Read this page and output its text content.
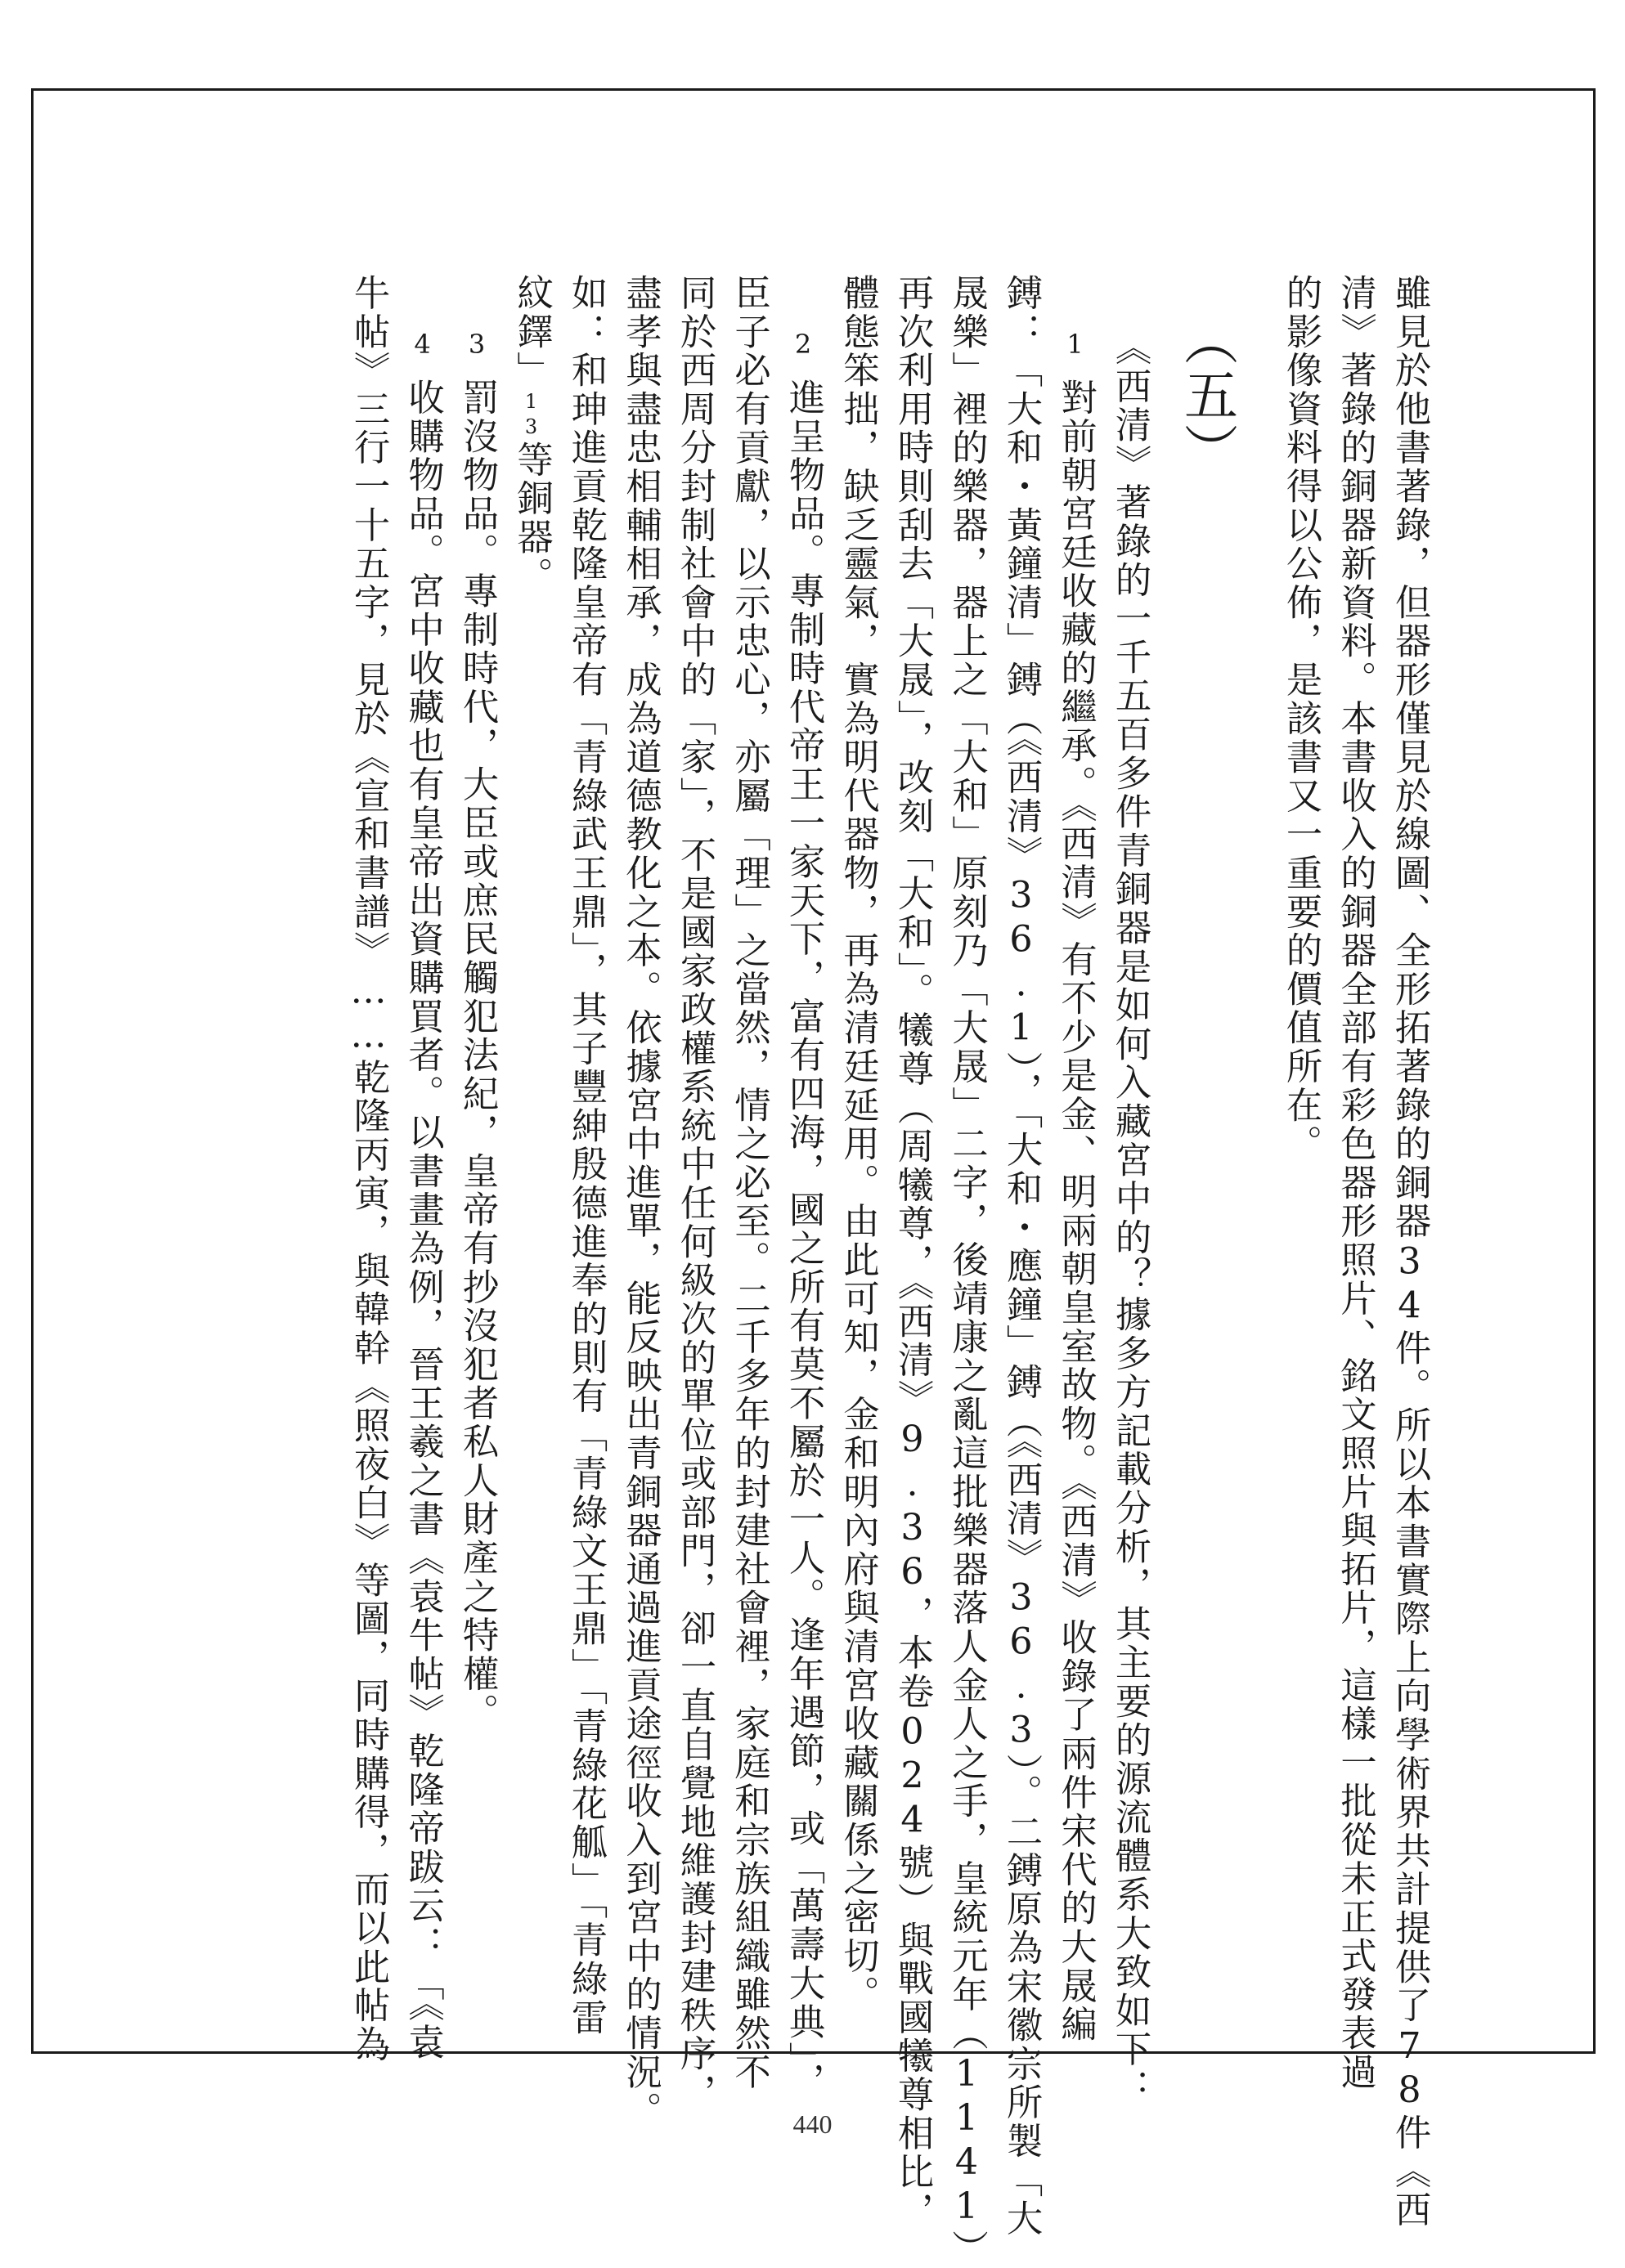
雖見於他書著錄，但器形僅見於線圖、全形拓著錄的銅器34件。所以本書實際上向學術界共計提供了78件《西
清》著錄的銅器新資料。本書收入的銅器全部有彩色器形照片、銘文照片與拓片，這樣一批從未正式發表過
的影像資料得以公佈，是該書又一重要的價值所在。
（五）
《西清》著錄的一千五百多件青銅器是如何入藏宮中的？據多方記載分析，其主要的源流體系大致如下：
1對前朝宮廷收藏的繼承。《西清》有不少是金、明兩朝皇室故物。《西清》收錄了兩件宋代的大晟編
鎛：「大和・黃鐘清」鎛（《西清》36.1），「大和・應鐘」鎛（《西清》36.3）。二鎛原為宋徽宗所製「大
晟樂」裡的樂器，器上之「大和」原刻乃「大晟」二字，後靖康之亂這批樂器落人金人之手，皇統元年（1141）
再次利用時則刮去「大晟」，改刻「大和」。犧尊（周犧尊，《西清》9.36，本卷024號）與戰國犧尊相比，
體態笨拙，缺乏靈氣，實為明代器物，再為清廷延用。由此可知，金和明內府與清宮收藏關係之密切。
2進呈物品。專制時代帝王一家天下，富有四海，國之所有莫不屬於一人。逢年遇節，或「萬壽大典」，
臣子必有貢獻，以示忠心，亦屬「理」之當然，情之必至。二千多年的封建社會裡，家庭和宗族組織雖然不
同於西周分封制社會中的「家」，不是國家政權系統中任何級次的單位或部門，卻一直自覺地維護封建秩序，
盡孝與盡忠相輔相承，成為道德教化之本。依據宮中進單，能反映出青銅器通過進貢途徑收入到宮中的情況。
如：和珅進貢乾隆皇帝有「青綠武王鼎」，其子豐紳殷德進奉的則有「青綠文王鼎」「青綠花觚」「青綠雷
紋鐸」13等銅器。
3罰沒物品。專制時代，大臣或庶民觸犯法紀，皇帝有抄沒犯者私人財產之特權。
4收購物品。宮中收藏也有皇帝出資購買者。以書畫為例，晉王羲之書《袁牛帖》乾隆帝跋云：「《袁
牛帖》三行一十五字，見於《宣和書譜》……乾隆丙寅，與韓幹《照夜白》等圖，同時購得，而以此帖為
440
